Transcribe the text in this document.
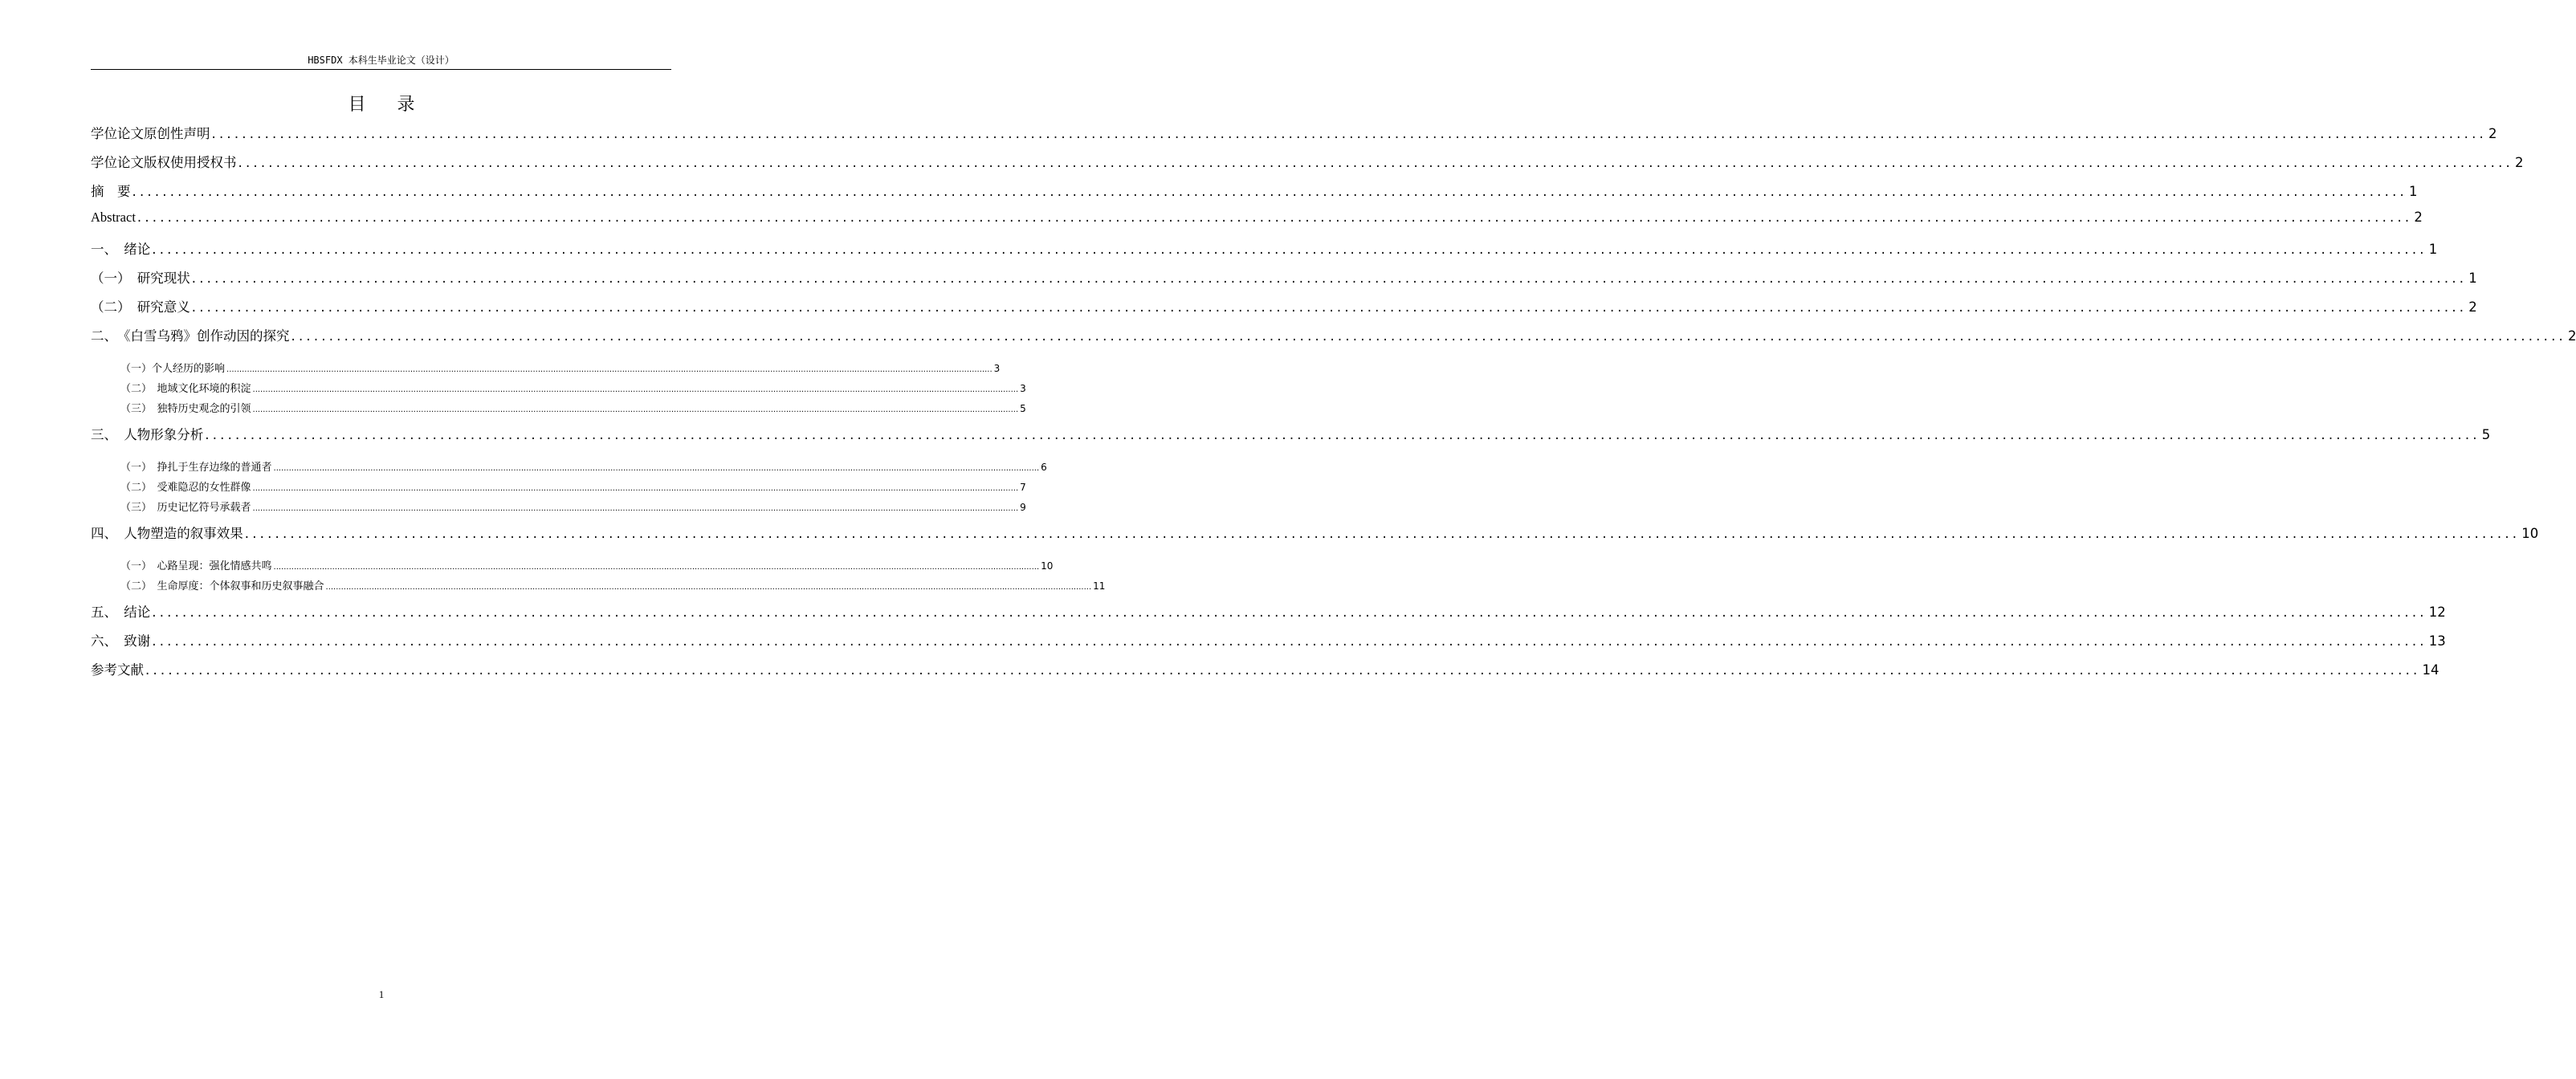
HBSFDX 本科生毕业论文（设计）
目 录
学位论文原创性声明 ............................................................................................................................................................................................................................................................................................................ 2
学位论文版权使用授权书 ............................................................................................................................................................................................................................................................................................................ 2
摘　要 ............................................................................................................................................................................................................................................................................................................ 1
Abstract ............................................................................................................................................................................................................................................................................................................ 2
一、　绪论 ............................................................................................................................................................................................................................................................................................................ 1
（一）　研究现状 ............................................................................................................................................................................................................................................................................................................ 1
（二）　研究意义 ............................................................................................................................................................................................................................................................................................................ 2
二、　《白雪乌鸦》创作动因的探究 ............................................................................................................................................................................................................................................................................................................ 2
（一）个人经历的影响 ............................................................................................................................................................................................................................................................................................................ 3
（二）　地域文化环境的积淀 ............................................................................................................................................................................................................................................................................................................ 3
（三）　独特历史观念的引领 ............................................................................................................................................................................................................................................................................................................ 5
三、　人物形象分析 ............................................................................................................................................................................................................................................................................................................ 5
（一）　挣扎于生存边缘的普通者 ............................................................................................................................................................................................................................................................................................................ 6
（二）　受难隐忍的女性群像 ............................................................................................................................................................................................................................................................................................................ 7
（三）　历史记忆符号承载者 ............................................................................................................................................................................................................................................................................................................ 9
四、　人物塑造的叙事效果 ............................................................................................................................................................................................................................................................................................................ 10
（一）　心路呈现：强化情感共鸣 ............................................................................................................................................................................................................................................................................................................ 10
（二）　生命厚度：个体叙事和历史叙事融合 ............................................................................................................................................................................................................................................................................................................ 11
五、　结论 ............................................................................................................................................................................................................................................................................................................ 12
六、　致谢 ............................................................................................................................................................................................................................................................................................................ 13
参考文献 ............................................................................................................................................................................................................................................................................................................ 14
1
